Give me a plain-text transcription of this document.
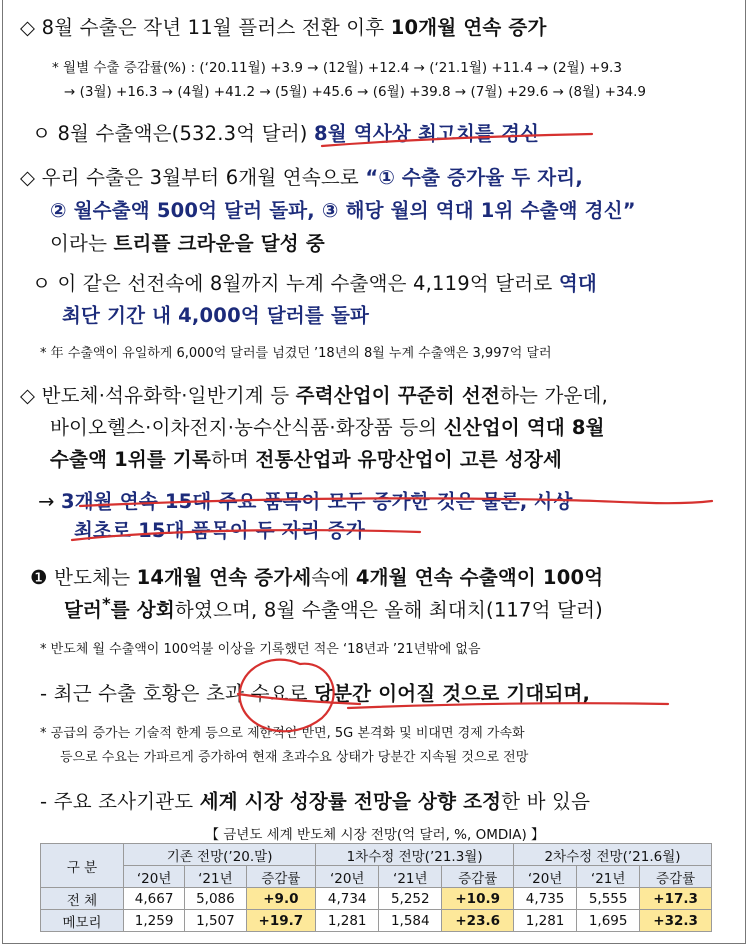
◇ 8월 수출은 작년 11월 플러스 전환 이후 10개월 연속 증가
* 월별 수출 증감률(%) : (‘20.11월) +3.9 → (12월) +12.4 → (‘21.1월) +11.4 → (2월) +9.3
→ (3월) +16.3 → (4월) +41.2 → (5월) +45.6 → (6월) +39.8 → (7월) +29.6 → (8월) +34.9
ㅇ 8월 수출액은(532.3억 달러) 8월 역사상 최고치를 경신
◇ 우리 수출은 3월부터 6개월 연속으로 “① 수출 증가율 두 자리,
② 월수출액 500억 달러 돌파, ③ 해당 월의 역대 1위 수출액 경신”
이라는 트리플 크라운을 달성 중
ㅇ 이 같은 선전속에 8월까지 누계 수출액은 4,119억 달러로 역대
최단 기간 내 4,000억 달러를 돌파
* 年 수출액이 유일하게 6,000억 달러를 넘겼던 ’18년의 8월 누계 수출액은 3,997억 달러
◇ 반도체·석유화학·일반기계 등 주력산업이 꾸준히 선전하는 가운데,
바이오헬스·이차전지·농수산식품·화장품 등의 신산업이 역대 8월
수출액 1위를 기록하며 전통산업과 유망산업이 고른 성장세
→ 3개월 연속 15대 주요 품목이 모두 증가한 것은 물론, 사상
최초로 15대 품목이 두 자리 증가
❶ 반도체는 14개월 연속 증가세속에 4개월 연속 수출액이 100억
달러*를 상회하였으며, 8월 수출액은 올해 최대치(117억 달러)
* 반도체 월 수출액이 100억불 이상을 기록했던 적은 ‘18년과 ’21년밖에 없음
- 최근 수출 호황은 초과 수요로 당분간 이어질 것으로 기대되며,
* 공급의 증가는 기술적 한계 등으로 제한적인 반면, 5G 본격화 및 비대면 경제 가속화
등으로 수요는 가파르게 증가하여 현재 초과수요 상태가 당분간 지속될 것으로 전망
- 주요 조사기관도 세계 시장 성장률 전망을 상향 조정한 바 있음
【 금년도 세계 반도체 시장 전망(억 달러, %, OMDIA) 】
구 분	기존 전망(’20.말)			1차수정 전망(’21.3월)			2차수정 전망(’21.6월)		
	‘20년	‘21년	증감률	‘20년	‘21년	증감률	‘20년	‘21년	증감률
전 체	4,667	5,086	+9.0	4,734	5,252	+10.9	4,735	5,555	+17.3
메모리	1,259	1,507	+19.7	1,281	1,584	+23.6	1,281	1,695	+32.3
